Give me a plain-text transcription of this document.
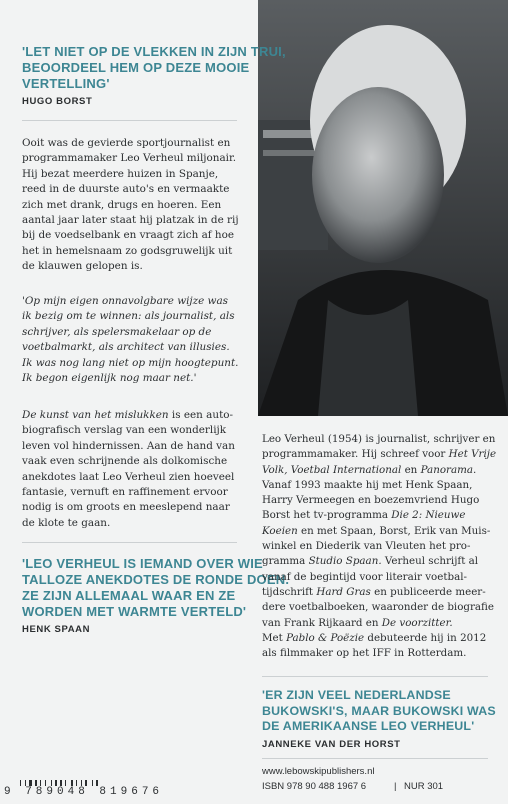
'LET NIET OP DE VLEKKEN IN ZIJN TRUI,
BEOORDEEL HEM OP DEZE MOOIE
VERTELLING'
HUGO BORST
Ooit was de gevierde sportjournalist en
programmamaker Leo Verheul miljonair.
Hij bezat meerdere huizen in Spanje,
reed in de duurste auto's en vermaakte
zich met drank, drugs en hoeren. Een
aantal jaar later staat hij platzak in de rij
bij de voedselbank en vraagt zich af hoe
het in hemelsnaam zo godsgruwelijk uit
de klauwen gelopen is.
'Op mijn eigen onnavolgbare wijze was
ik bezig om te winnen: als journalist, als
schrijver, als spelersmakelaar op de
voetbalmarkt, als architect van illusies.
Ik was nog lang niet op mijn hoogtepunt.
Ik begon eigenlijk nog maar net.'
De kunst van het mislukken is een auto-
biografisch verslag van een wonderlijk
leven vol hindernissen. Aan de hand van
vaak even schrijnende als dolkomische
anekdotes laat Leo Verheul zien hoeveel
fantasie, vernuft en raffinement ervoor
nodig is om groots en meeslepend naar
de klote te gaan.
'LEO VERHEUL IS IEMAND OVER WIE
TALLOZE ANEKDOTES DE RONDE DOEN.
ZE ZIJN ALLEMAAL WAAR EN ZE
WORDEN MET WARMTE VERTELD'
HENK SPAAN
Leo Verheul (1954) is journalist, schrijver en
programmamaker. Hij schreef voor Het Vrije
Volk, Voetbal International en Panorama.
Vanaf 1993 maakte hij met Henk Spaan,
Harry Vermeegen en boezemvriend Hugo
Borst het tv-programma Die 2: Nieuwe
Koeien en met Spaan, Borst, Erik van Muis-
winkel en Diederik van Vleuten het pro-
gramma Studio Spaan. Verheul schrijft al
vanaf de begintijd voor literair voetbal-
tijdschrift Hard Gras en publiceerde meer-
dere voetbalboeken, waaronder de biografie
van Frank Rijkaard en De voorzitter.
Met Pablo & Poëzie debuteerde hij in 2012
als filmmaker op het IFF in Rotterdam.
'ER ZIJN VEEL NEDERLANDSE
BUKOWSKI'S, MAAR BUKOWSKI WAS
DE AMERIKAANSE LEO VERHEUL'
JANNEKE VAN DER HORST
www.lebowskipublishers.nl
ISBN 978 90 488 1967 6	| NUR 301
9 789048 819676
